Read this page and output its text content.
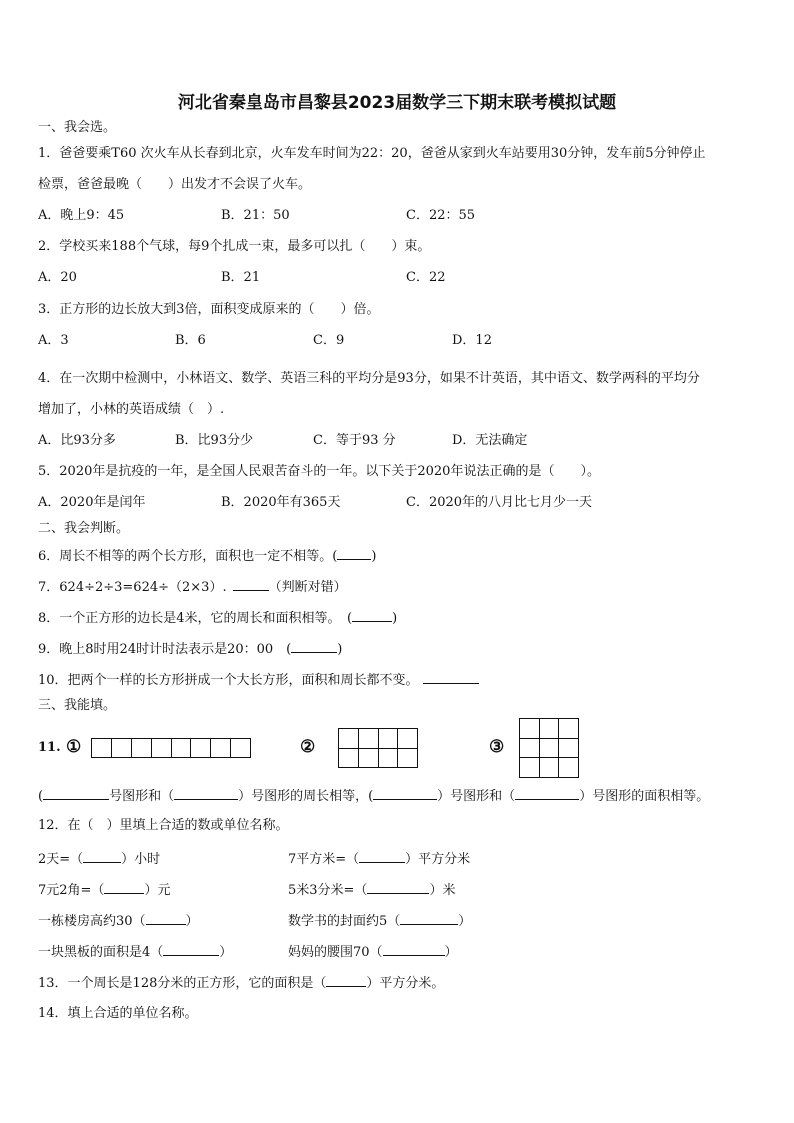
河北省秦皇岛市昌黎县2023届数学三下期末联考模拟试题
一、我会选。
1．爸爸要乘T60 次火车从长春到北京，火车发车时间为22：20，爸爸从家到火车站要用30分钟，发车前5分钟停止
检票，爸爸最晚（　　）出发才不会误了火车。
A．晚上9：45	B．21：50	C．22：55
2．学校买来188个气球，每9个扎成一束，最多可以扎（　　）束。
A．20	B．21	C．22
3．正方形的边长放大到3倍，面积变成原来的（　　）倍。
A．3	B．6	C．9	D．12
4．在一次期中检测中，小林语文、数学、英语三科的平均分是93分，如果不计英语，其中语文、数学两科的平均分
增加了，小林的英语成绩（　）.
A．比93分多	B．比93分少	C．等于93 分	D．无法确定
5．2020年是抗疫的一年，是全国人民艰苦奋斗的一年。以下关于2020年说法正确的是（　　）。
A．2020年是闰年	B．2020年有365天	C．2020年的八月比七月少一天
二、我会判断。
6．周长不相等的两个长方形，面积也一定不相等。(	)
7．624÷2÷3=624÷（2×3）.	（判断对错）
8．一个正方形的边长是4米，它的周长和面积相等。　(	)
9．晚上8时用24时计时法表示是20：00　(	)
10．把两个一样的长方形拼成一个大长方形，面积和周长都不变。
三、我能填。
11. ①
								②

				③

(	号图形和（	）号图形的周长相等，(	）号图形和（	）号图形的面积相等。
12．在（　）里填上合适的数或单位名称。
2天=（	）小时	7平方米=（	）平方分米
7元2角=（	）元	5米3分米=（	）米
一栋楼房高约30（	）	数学书的封面约5（	）
一块黑板的面积是4（	）	妈妈的腰围70（	）
13．一个周长是128分米的正方形，它的面积是（	）平方分米。
14．填上合适的单位名称。
